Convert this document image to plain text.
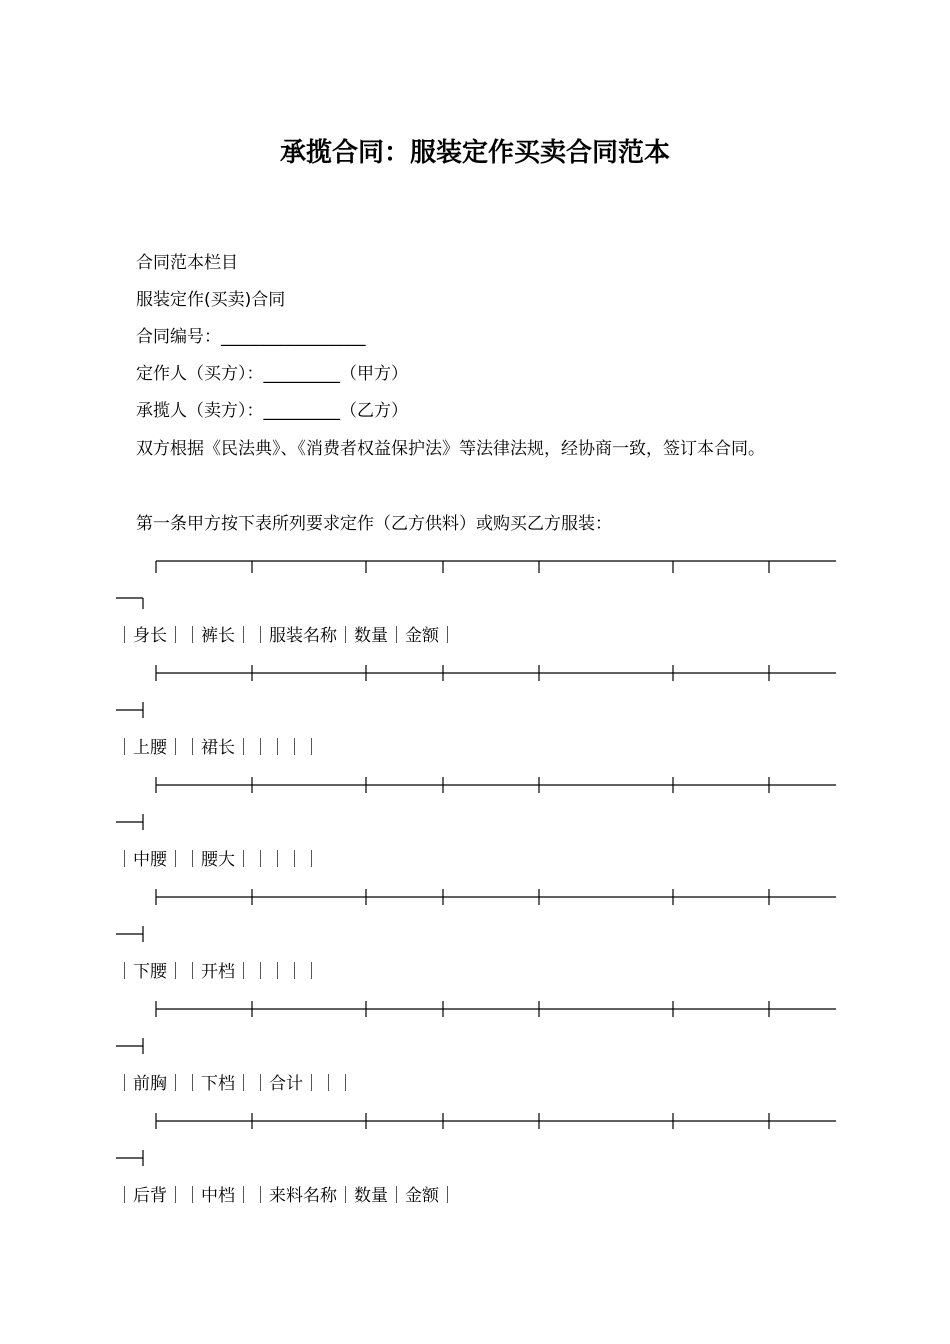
承揽合同：服装定作买卖合同范本

合同范本栏目

服装定作(买卖)合同

合同编号：_________________

定作人（买方）：_________（甲方）

承揽人（卖方）：_________（乙方）

双方根据《民法典》、《消费者权益保护法》等法律法规，经协商一致，签订本合同。

第一条甲方按下表所列要求定作（乙方供料）或购买乙方服装：

｜身长｜｜裤长｜｜服装名称｜数量｜金额｜

｜上腰｜｜裙长｜｜｜｜｜

｜中腰｜｜腰大｜｜｜｜｜

｜下腰｜｜开档｜｜｜｜｜

｜前胸｜｜下档｜｜合计｜｜｜

｜后背｜｜中档｜｜来料名称｜数量｜金额｜
